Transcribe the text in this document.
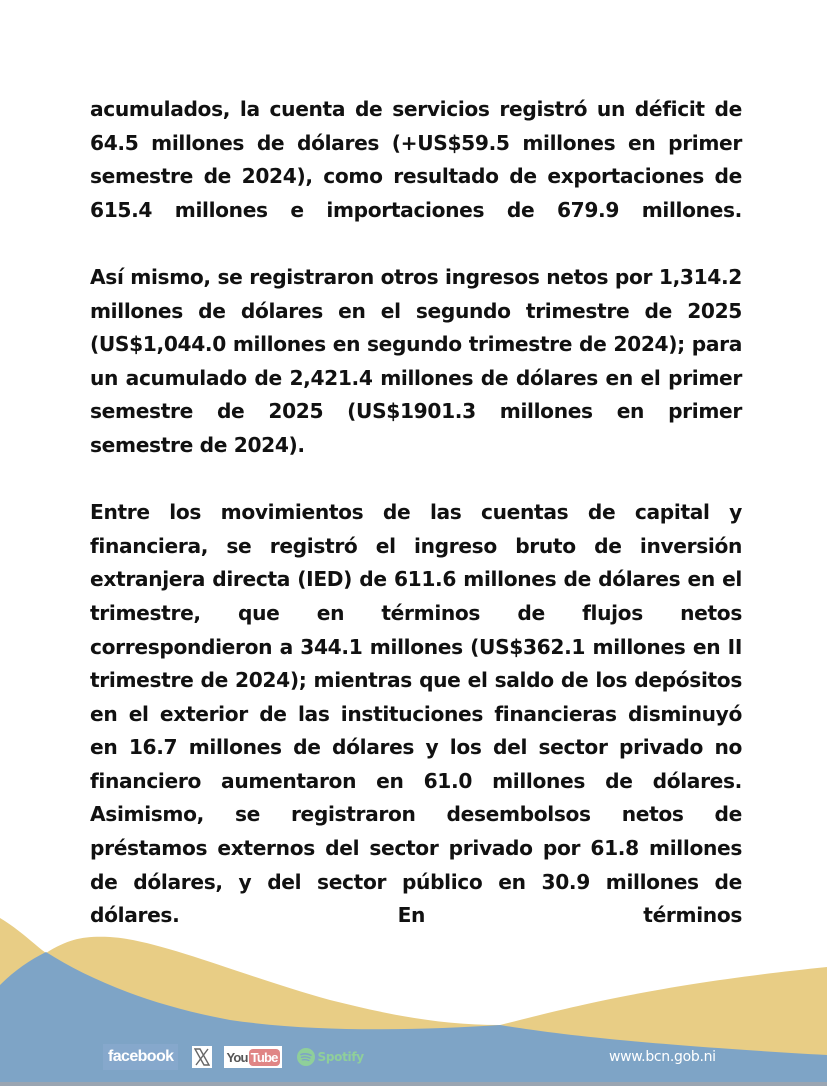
acumulados, la cuenta de servicios registró un déficit de 64.5 millones de dólares (+US$59.5 millones en primer semestre de 2024), como resultado de exportaciones de 615.4 millones e importaciones de 679.9 millones.

Así mismo, se registraron otros ingresos netos por 1,314.2 millones de dólares en el segundo trimestre de 2025 (US$1,044.0 millones en segundo trimestre de 2024); para un acumulado de 2,421.4 millones de dólares en el primer semestre de 2025 (US$1901.3 millones en primer semestre de 2024).

Entre los movimientos de las cuentas de capital y financiera, se registró el ingreso bruto de inversión extranjera directa (IED) de 611.6 millones de dólares en el trimestre, que en términos de flujos netos correspondieron a 344.1 millones (US$362.1 millones en II trimestre de 2024); mientras que el saldo de los depósitos en el exterior de las instituciones financieras disminuyó en 16.7 millones de dólares y los del sector privado no financiero aumentaron en 61.0 millones de dólares. Asimismo, se registraron desembolsos netos de préstamos externos del sector privado por 61.8 millones de dólares, y del sector público en 30.9 millones de dólares. En términos

facebook	You Tube	Spotify	www.bcn.gob.ni
